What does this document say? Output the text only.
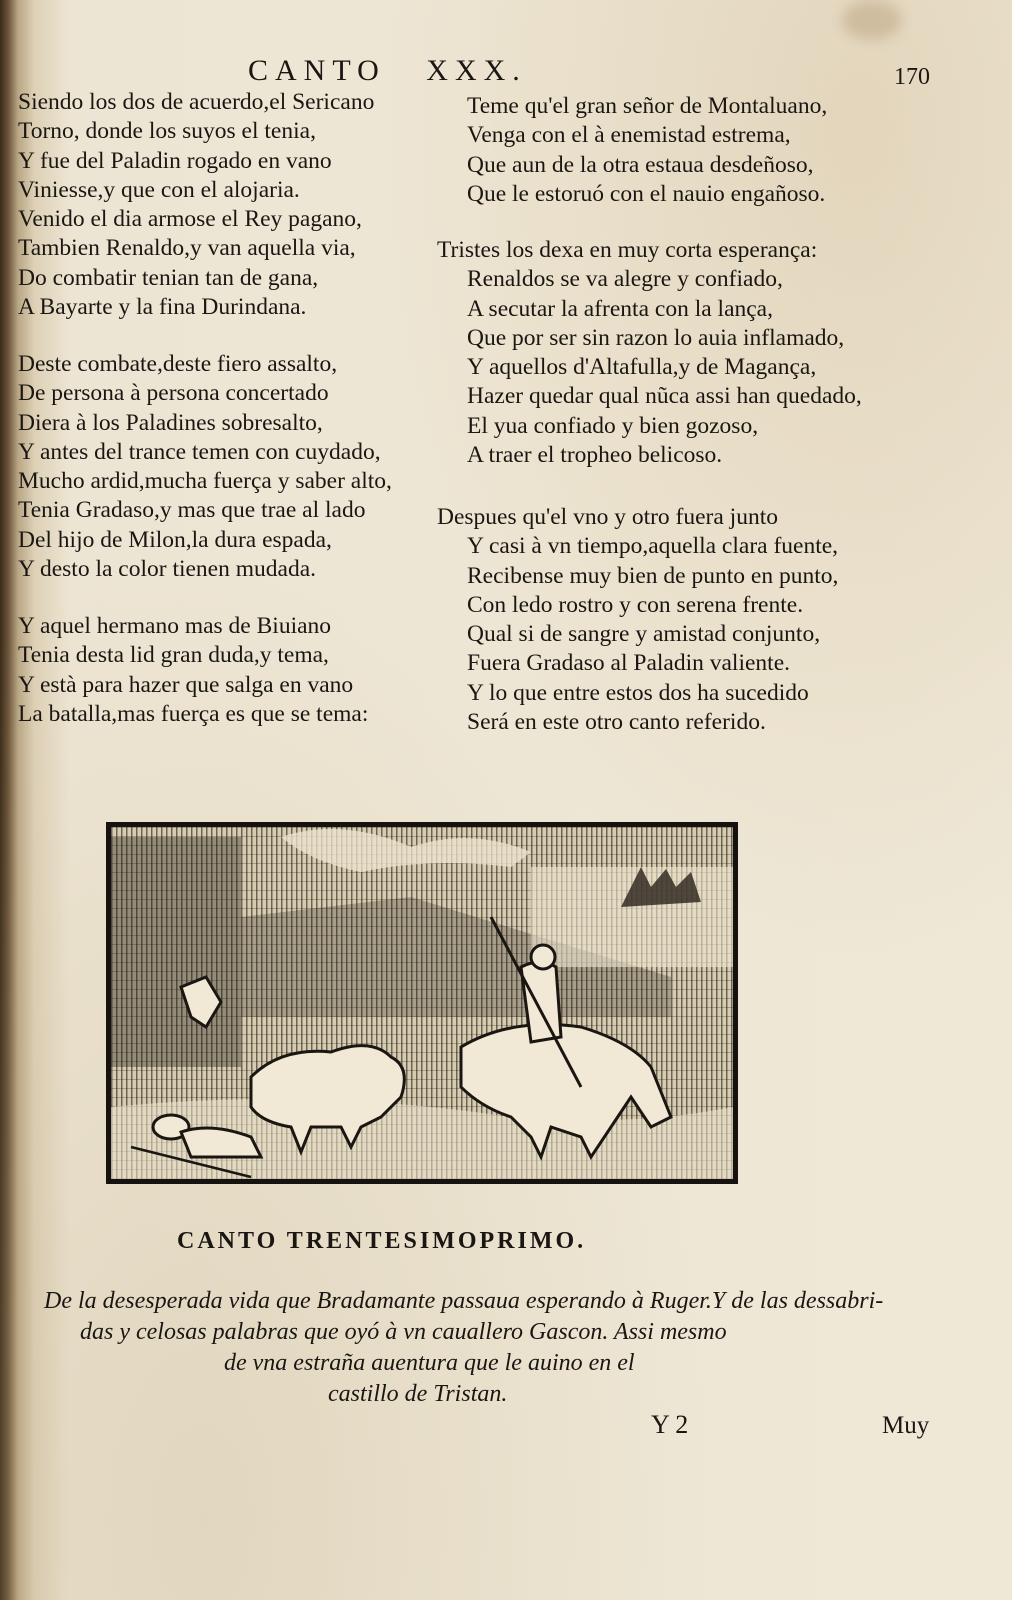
CANTO XXX.	170
Siendo los dos de acuerdo,el Sericano
Torno, donde los suyos el tenia,
Y fue del Paladin rogado en vano
Viniesse,y que con el alojaria.
Venido el dia armose el Rey pagano,
Tambien Renaldo,y van aquella via,
Do combatir tenian tan de gana,
A Bayarte y la fina Durindana.
Deste combate,deste fiero assalto,
De persona à persona concertado
Diera à los Paladines sobresalto,
Y antes del trance temen con cuydado,
Mucho ardid,mucha fuerça y saber alto,
Tenia Gradaso,y mas que trae al lado
Del hijo de Milon,la dura espada,
Y desto la color tienen mudada.
Y aquel hermano mas de Biuiano
Tenia desta lid gran duda,y tema,
Y està para hazer que salga en vano
La batalla,mas fuerça es que se tema:
Teme qu'el gran señor de Montaluano,
Venga con el à enemistad estrema,
Que aun de la otra estaua desdeñoso,
Que le estoruó con el nauio engañoso.
Tristes los dexa en muy corta esperança:
Renaldos se va alegre y confiado,
A secutar la afrenta con la lança,
Que por ser sin razon lo auia inflamado,
Y aquellos d'Altafulla,y de Magança,
Hazer quedar qual nũca assi han quedado,
El yua confiado y bien gozoso,
A traer el tropheo belicoso.
Despues qu'el vno y otro fuera junto
Y casi à vn tiempo,aquella clara fuente,
Recibense muy bien de punto en punto,
Con ledo rostro y con serena frente.
Qual si de sangre y amistad conjunto,
Fuera Gradaso al Paladin valiente.
Y lo que entre estos dos ha sucedido
Será en este otro canto referido.
CANTO TRENTESIMOPRIMO.
De la desesperada vida que Bradamante passaua esperando à Ruger.Y de las dessabri-
das y celosas palabras que oyó à vn cauallero Gascon. Assi mesmo
de vna estraña auentura que le auino en el
castillo de Tristan.
Y 2	Muy
